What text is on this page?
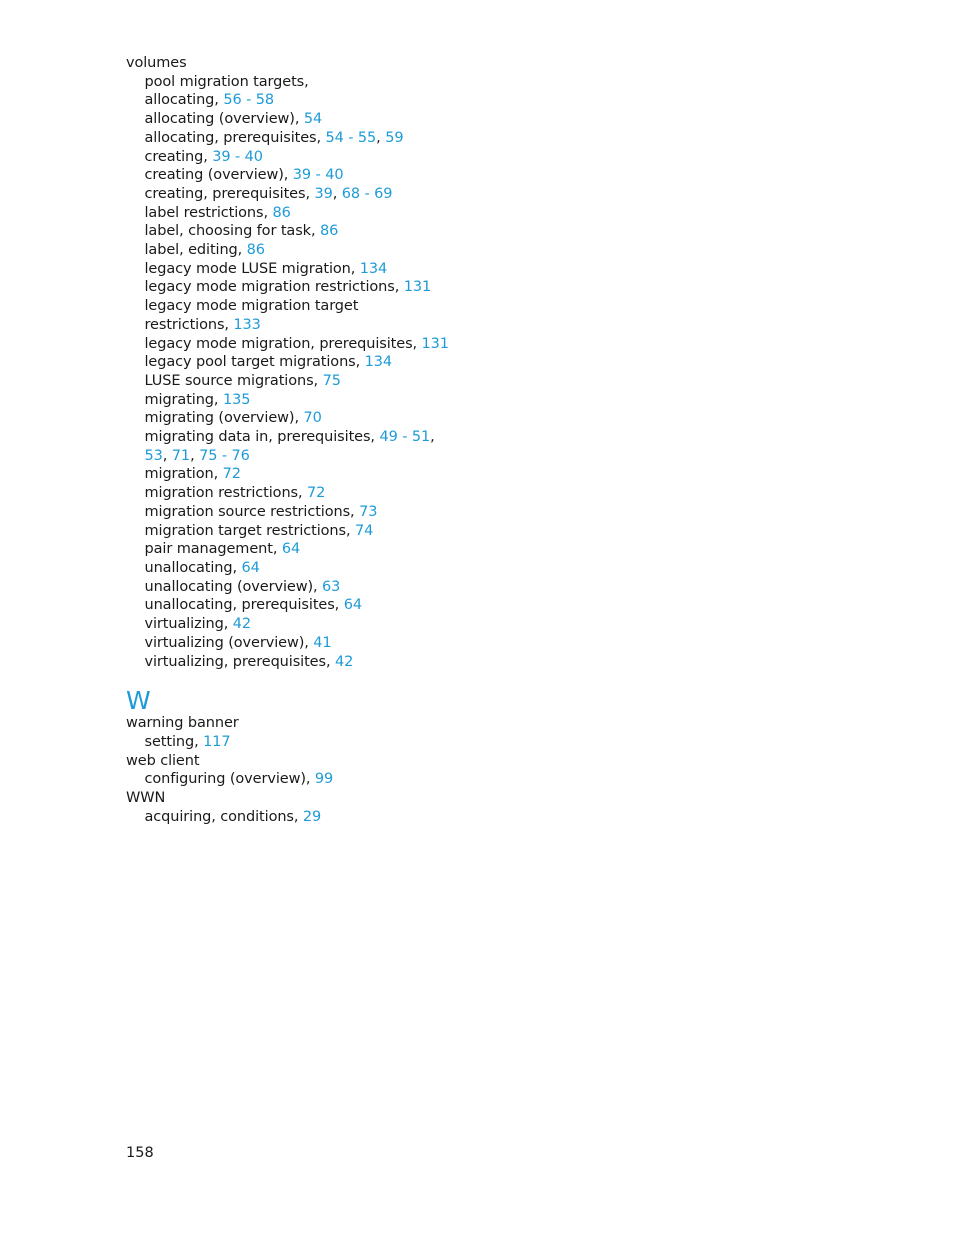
volumes
pool migration targets,
allocating, 56 - 58
allocating (overview), 54
allocating, prerequisites, 54 - 55, 59
creating, 39 - 40
creating (overview), 39 - 40
creating, prerequisites, 39, 68 - 69
label restrictions, 86
label, choosing for task, 86
label, editing, 86
legacy mode LUSE migration, 134
legacy mode migration restrictions, 131
legacy mode migration target restrictions, 133
legacy mode migration, prerequisites, 131
legacy pool target migrations, 134
LUSE source migrations, 75
migrating, 135
migrating (overview), 70
migrating data in, prerequisites, 49 - 51, 53, 71, 75 - 76
migration, 72
migration restrictions, 72
migration source restrictions, 73
migration target restrictions, 74
pair management, 64
unallocating, 64
unallocating (overview), 63
unallocating, prerequisites, 64
virtualizing, 42
virtualizing (overview), 41
virtualizing, prerequisites, 42
W
warning banner
setting, 117
web client
configuring (overview), 99
WWN
acquiring, conditions, 29
158
